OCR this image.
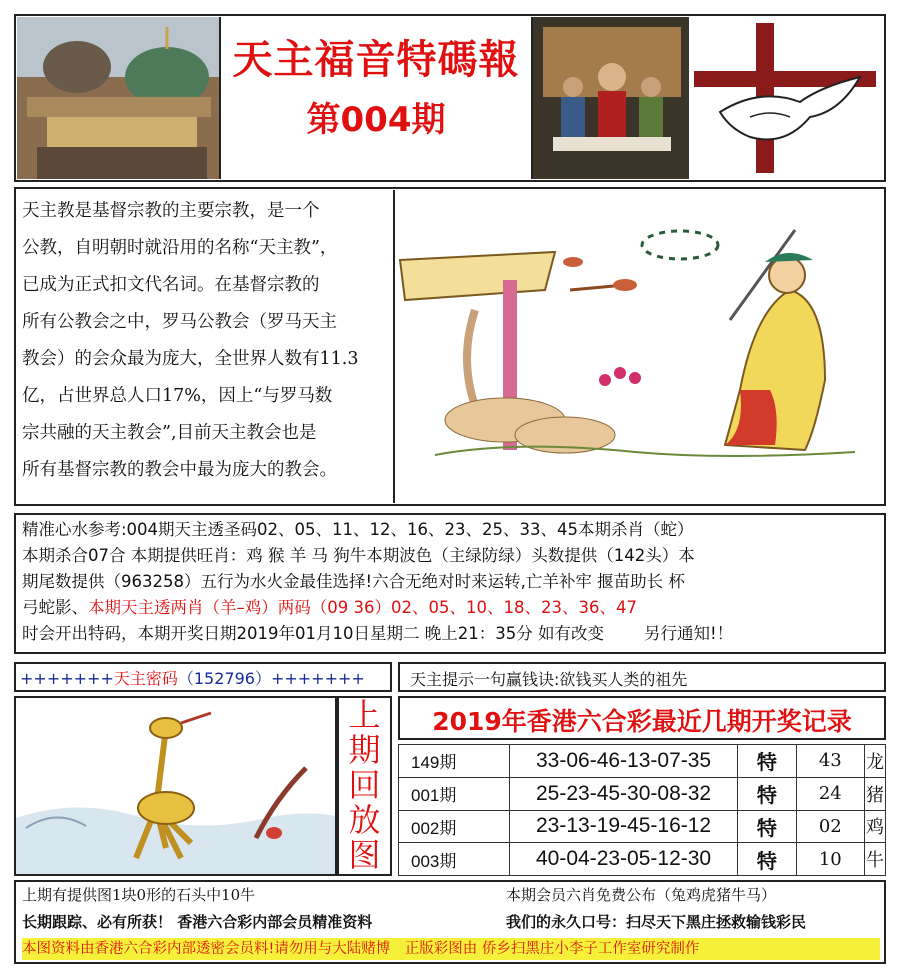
天主福音特碼報
第004期

天主教是基督宗教的主要宗教，是一个

公教，自明朝时就沿用的名称“天主教”，

已成为正式扣文代名词。在基督宗教的

所有公教会之中，罗马公教会（罗马天主

教会）的会众最为庞大，全世界人数有11.3

亿，占世界总人口17%，因上“与罗马数

宗共融的天主教会”,目前天主教会也是

所有基督宗教的教会中最为庞大的教会。

精准心水参考:004期天主透圣码02、05、11、12、16、23、25、33、45本期杀肖（蛇）
本期杀合07合 本期提供旺肖：鸡 猴 羊 马 狗牛本期波色（主绿防绿）头数提供（142头）本
期尾数提供（963258）五行为水火金最佳选择!六合无绝对时来运转,亡羊补牢 揠苗助长 杯
弓蛇影、本期天主透两肖（羊–鸡）两码（09 36）02、05、10、18、23、36、47
时会开出特码，本期开奖日期2019年01月10日星期二 晚上21：35分 如有改变 另行通知!！
+++++++天主密码（152796）+++++++	天主提示一句赢钱诀:欲钱买人类的祖先
上
期
回
放
图
2019年香港六合彩最近几期开奖记录
149期	33-06-46-13-07-35	特	43	龙
001期	25-23-45-30-08-32	特	24	猪
002期	23-13-19-45-16-12	特	02	鸡
003期	40-04-23-05-12-30	特	10	牛
上期有提供图1块0形的石头中10牛	本期会员六肖免费公布（兔鸡虎猪牛马）
长期跟踪、必有所获！ 香港六合彩内部会员精准资料	我们的永久口号：扫尽天下黑庄拯救输钱彩民
本图资料由香港六合彩内部透密会员料!请勿用与大陆赌博　正版彩图由 侨乡扫黑庄小李子工作室研究制作
